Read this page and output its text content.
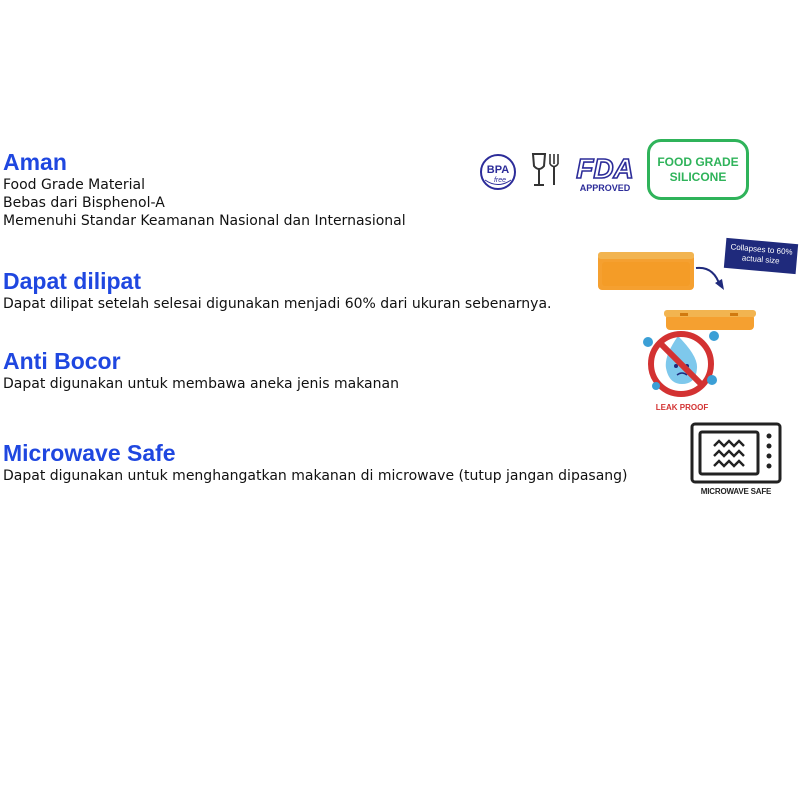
Aman

Food Grade Material

Bebas dari Bisphenol-A

Memenuhi Standar Keamanan Nasional dan Internasional

Dapat dilipat

Dapat dilipat setelah selesai digunakan menjadi 60% dari ukuran sebenarnya.

Anti Bocor

Dapat digunakan untuk membawa aneka jenis makanan

Microwave Safe

Dapat digunakan untuk menghangatkan makanan di microwave (tutup jangan dipasang)

BPA
free	FDA
APPROVED
FOOD GRADE
SILICONE
Collapses to 60%
actual size
LEAK PROOF
MICROWAVE SAFE
